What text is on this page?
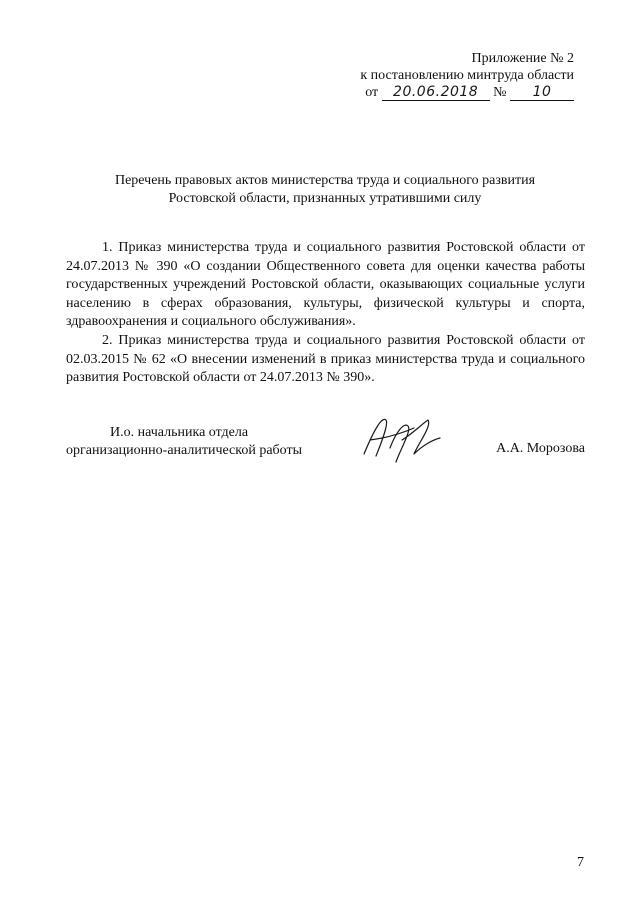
Приложение № 2
к постановлению минтруда области
от 20.06.2018 № 10
Перечень правовых актов министерства труда и социального развития
Ростовской области, признанных утратившими силу

1. Приказ министерства труда и социального развития Ростовской области от 24.07.2013 № 390 «О создании Общественного совета для оценки качества работы государственных учреждений Ростовской области, оказывающих социальные услуги населению в сферах образования, культуры, физической культуры и спорта, здравоохранения и социального обслуживания».

2. Приказ министерства труда и социального развития Ростовской области от 02.03.2015 № 62 «О внесении изменений в приказ министерства труда и социального развития Ростовской области от 24.07.2013 № 390».

И.о. начальника отдела
организационно-аналитической работы	А.А. Морозова
7
